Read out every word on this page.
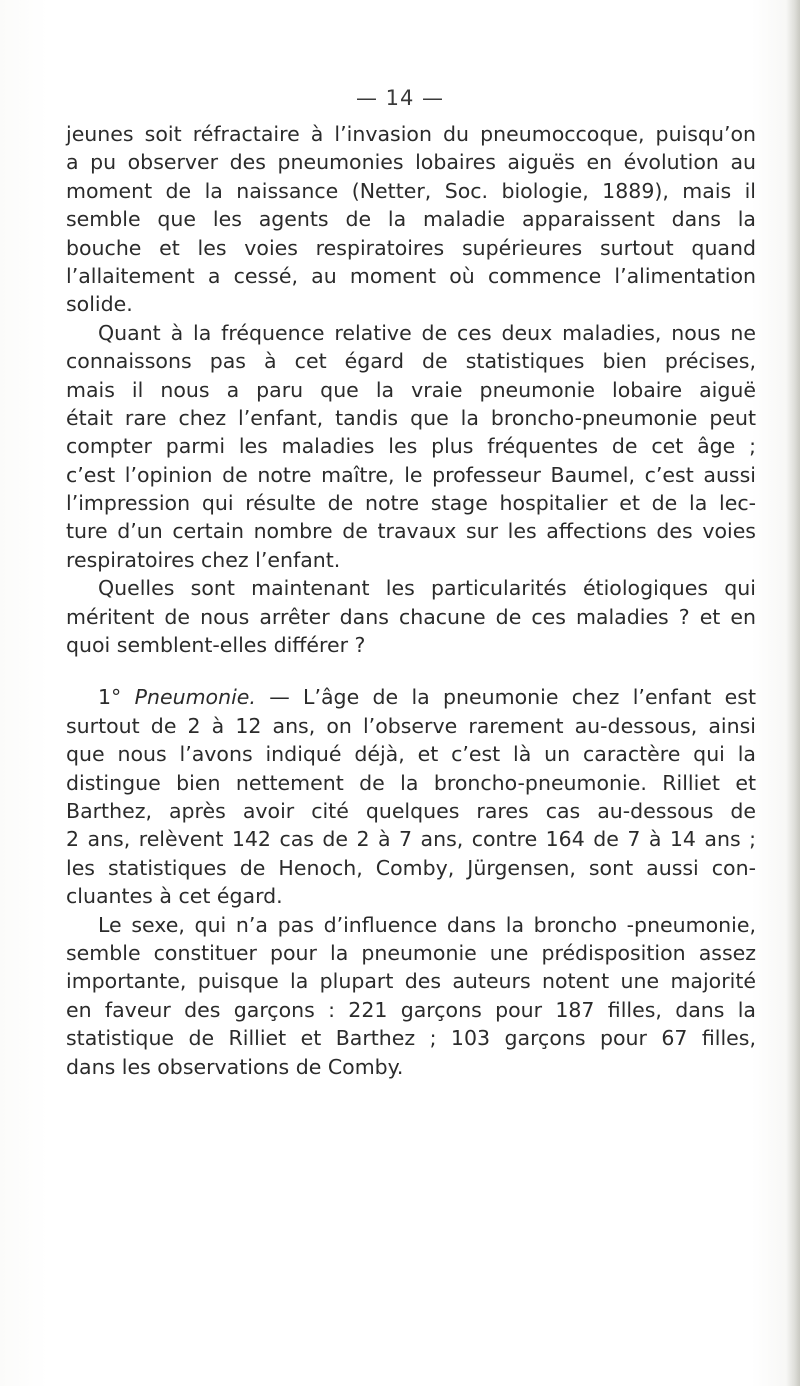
— 14 —
jeunes soit réfractaire à l’invasion du pneumoccoque, puisqu’on
a pu observer des pneumonies lobaires aiguës en évolution au
moment de la naissance (Netter, Soc. biologie, 1889), mais il
semble que les agents de la maladie apparaissent dans la
bouche et les voies respiratoires supérieures surtout quand
l’allaitement a cessé, au moment où commence l’alimentation
solide.
Quant à la fréquence relative de ces deux maladies, nous ne
connaissons pas à cet égard de statistiques bien précises,
mais il nous a paru que la vraie pneumonie lobaire aiguë
était rare chez l’enfant, tandis que la broncho-pneumonie peut
compter parmi les maladies les plus fréquentes de cet âge ;
c’est l’opinion de notre maître, le professeur Baumel, c’est aussi
l’impression qui résulte de notre stage hospitalier et de la lec-
ture d’un certain nombre de travaux sur les affections des voies
respiratoires chez l’enfant.
Quelles sont maintenant les particularités étiologiques qui
méritent de nous arrêter dans chacune de ces maladies ? et en
quoi semblent-elles différer ?
1° Pneumonie. — L’âge de la pneumonie chez l’enfant est
surtout de 2 à 12 ans, on l’observe rarement au-dessous, ainsi
que nous l’avons indiqué déjà, et c’est là un caractère qui la
distingue bien nettement de la broncho-pneumonie. Rilliet et
Barthez, après avoir cité quelques rares cas au-dessous de
2 ans, relèvent 142 cas de 2 à 7 ans, contre 164 de 7 à 14 ans ;
les statistiques de Henoch, Comby, Jürgensen, sont aussi con-
cluantes à cet égard.
Le sexe, qui n’a pas d’influence dans la broncho -pneumonie,
semble constituer pour la pneumonie une prédisposition assez
importante, puisque la plupart des auteurs notent une majorité
en faveur des garçons : 221 garçons pour 187 filles, dans la
statistique de Rilliet et Barthez ; 103 garçons pour 67 filles,
dans les observations de Comby.
